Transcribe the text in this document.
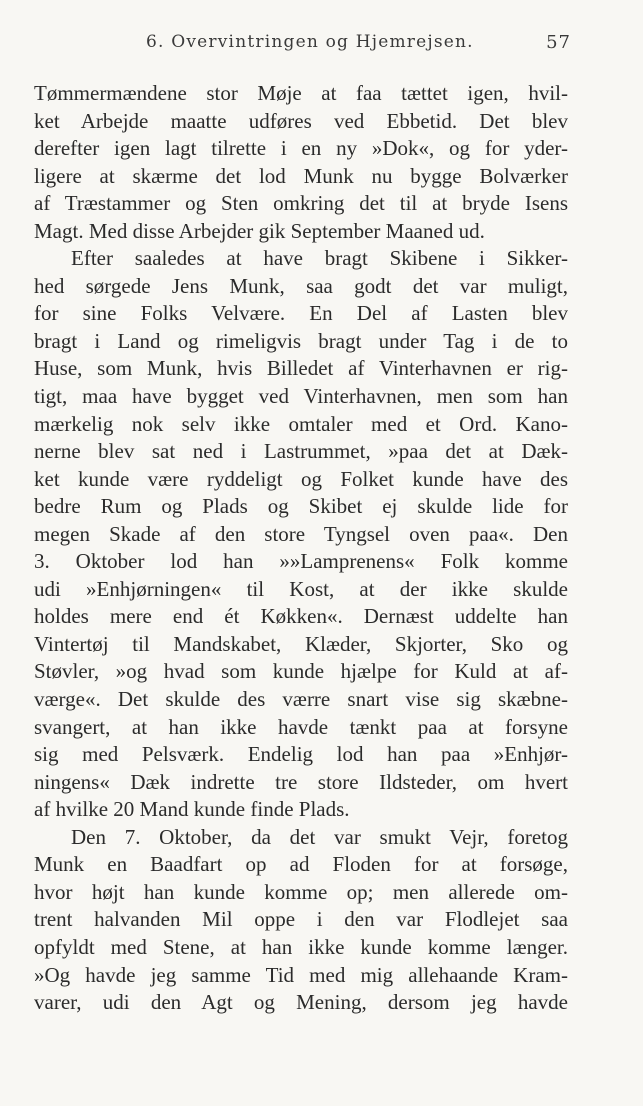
6. Overvintringen og Hjemrejsen.	57
Tømmermændene stor Møje at faa tættet igen, hvil-
ket Arbejde maatte udføres ved Ebbetid. Det blev
derefter igen lagt tilrette i en ny »Dok«, og for yder-
ligere at skærme det lod Munk nu bygge Bolværker
af Træstammer og Sten omkring det til at bryde Isens
Magt. Med disse Arbejder gik September Maaned ud.
Efter saaledes at have bragt Skibene i Sikker-
hed sørgede Jens Munk, saa godt det var muligt,
for sine Folks Velvære. En Del af Lasten blev
bragt i Land og rimeligvis bragt under Tag i de to
Huse, som Munk, hvis Billedet af Vinterhavnen er rig-
tigt, maa have bygget ved Vinterhavnen, men som han
mærkelig nok selv ikke omtaler med et Ord. Kano-
nerne blev sat ned i Lastrummet, »paa det at Dæk-
ket kunde være ryddeligt og Folket kunde have des
bedre Rum og Plads og Skibet ej skulde lide for
megen Skade af den store Tyngsel oven paa«. Den
3. Oktober lod han »»Lamprenens« Folk komme
udi »Enhjørningen« til Kost, at der ikke skulde
holdes mere end ét Køkken«. Dernæst uddelte han
Vintertøj til Mandskabet, Klæder, Skjorter, Sko og
Støvler, »og hvad som kunde hjælpe for Kuld at af-
værge«. Det skulde des værre snart vise sig skæbne-
svangert, at han ikke havde tænkt paa at forsyne
sig med Pelsværk. Endelig lod han paa »Enhjør-
ningens« Dæk indrette tre store Ildsteder, om hvert
af hvilke 20 Mand kunde finde Plads.
Den 7. Oktober, da det var smukt Vejr, foretog
Munk en Baadfart op ad Floden for at forsøge,
hvor højt han kunde komme op; men allerede om-
trent halvanden Mil oppe i den var Flodlejet saa
opfyldt med Stene, at han ikke kunde komme længer.
»Og havde jeg samme Tid med mig allehaande Kram-
varer, udi den Agt og Mening, dersom jeg havde
